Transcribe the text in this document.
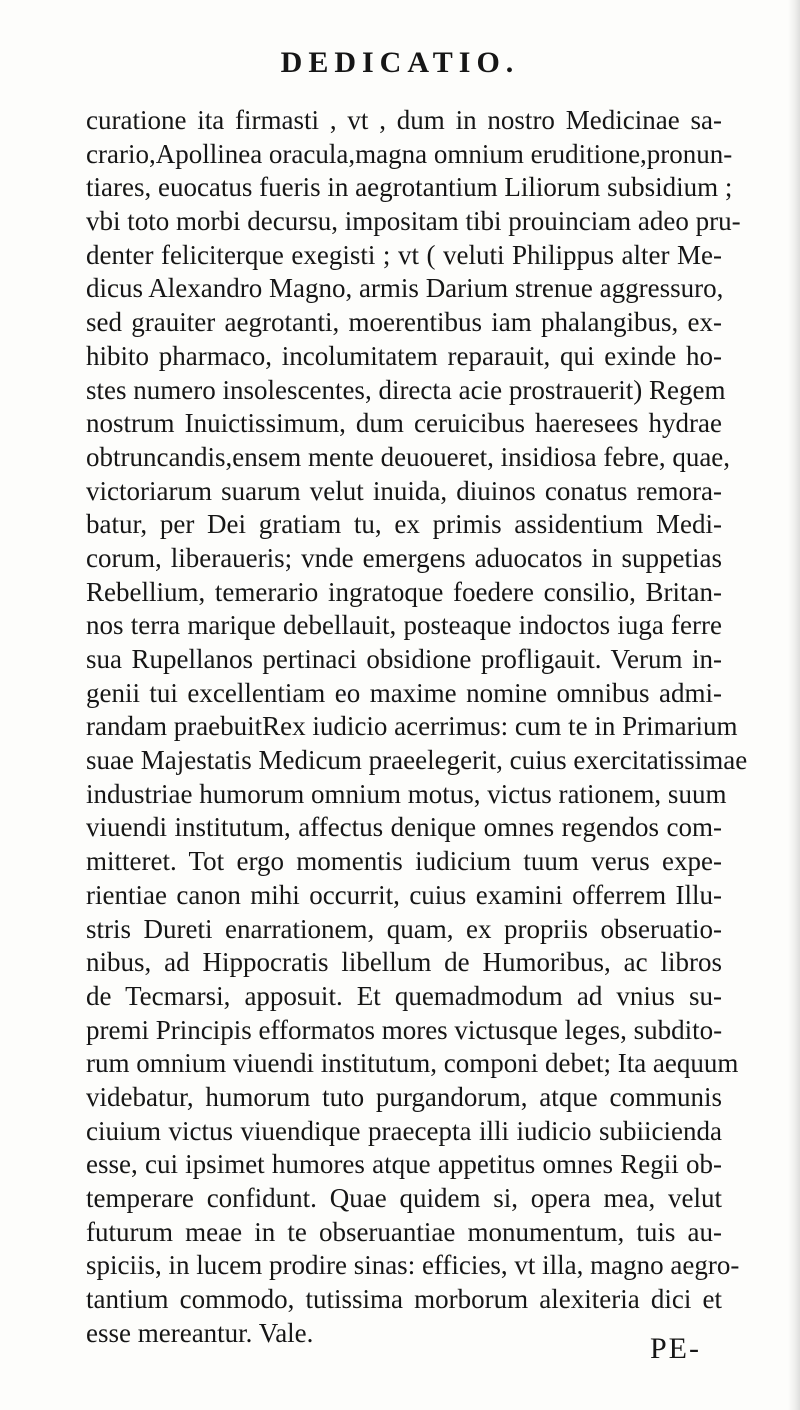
DEDICATIO.
curatione ita firmasti , vt , dum in nostro Medicinae sa-
crario,Apollinea oracula,magna omnium eruditione,pronun-
tiares, euocatus fueris in aegrotantium Liliorum subsidium ;
vbi toto morbi decursu, impositam tibi prouinciam adeo pru-
denter feliciterque exegisti ; vt ( veluti Philippus alter Me-
dicus Alexandro Magno, armis Darium strenue aggressuro,
sed grauiter aegrotanti, moerentibus iam phalangibus, ex-
hibito pharmaco, incolumitatem reparauit, qui exinde ho-
stes numero insolescentes, directa acie prostrauerit) Regem
nostrum Inuictissimum, dum ceruicibus haeresees hydrae
obtruncandis,ensem mente deuoueret, insidiosa febre, quae,
victoriarum suarum velut inuida, diuinos conatus remora-
batur, per Dei gratiam tu, ex primis assidentium Medi-
corum, liberaueris; vnde emergens aduocatos in suppetias
Rebellium, temerario ingratoque foedere consilio, Britan-
nos terra marique debellauit, posteaque indoctos iuga ferre
sua Rupellanos pertinaci obsidione profligauit. Verum in-
genii tui excellentiam eo maxime nomine omnibus admi-
randam praebuitRex iudicio acerrimus: cum te in Primarium
suae Majestatis Medicum praeelegerit, cuius exercitatissimae
industriae humorum omnium motus, victus rationem, suum
viuendi institutum, affectus denique omnes regendos com-
mitteret. Tot ergo momentis iudicium tuum verus expe-
rientiae canon mihi occurrit, cuius examini offerrem Illu-
stris Dureti enarrationem, quam, ex propriis obseruatio-
nibus, ad Hippocratis libellum de Humoribus, ac libros
de Tecmarsi, apposuit. Et quemadmodum ad vnius su-
premi Principis efformatos mores victusque leges, subdito-
rum omnium viuendi institutum, componi debet; Ita aequum
videbatur, humorum tuto purgandorum, atque communis
ciuium victus viuendique praecepta illi iudicio subiicienda
esse, cui ipsimet humores atque appetitus omnes Regii ob-
temperare confidunt. Quae quidem si, opera mea, velut
futurum meae in te obseruantiae monumentum, tuis au-
spiciis, in lucem prodire sinas: efficies, vt illa, magno aegro-
tantium commodo, tutissima morborum alexiteria dici et
esse mereantur. Vale.	PE-
